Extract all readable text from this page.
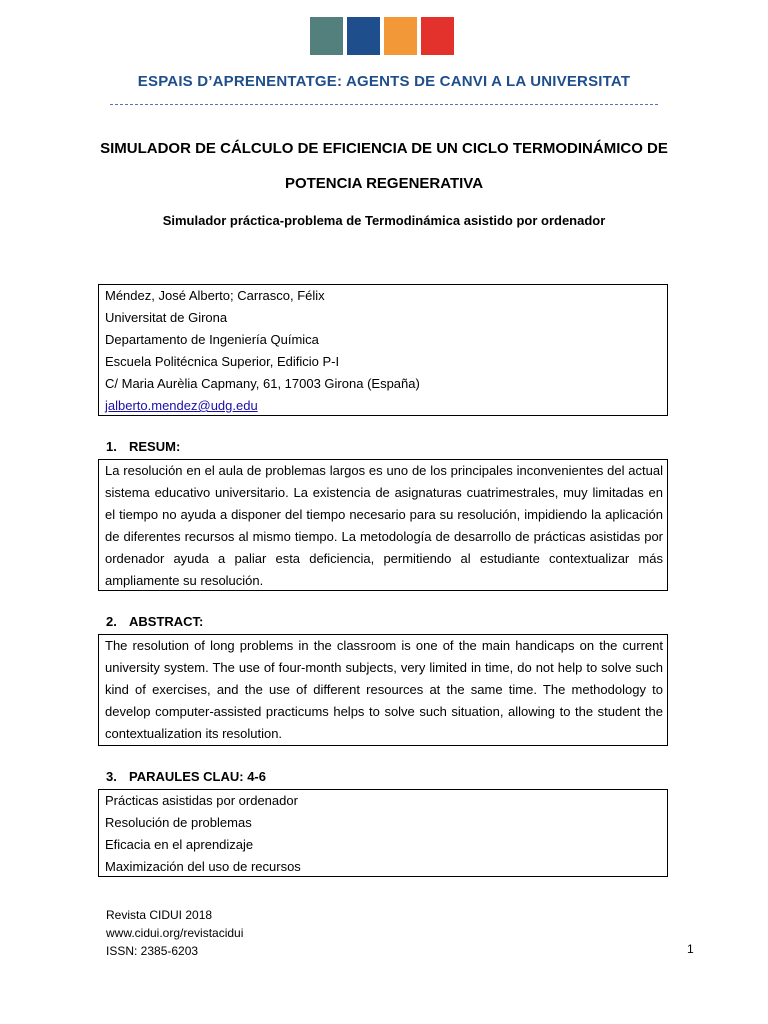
ESPAIS D’APRENENTATGE: AGENTS DE CANVI A LA UNIVERSITAT
SIMULADOR DE CÁLCULO DE EFICIENCIA DE UN CICLO TERMODINÁMICO DE
POTENCIA REGENERATIVA
Simulador práctica-problema de Termodinámica asistido por ordenador
Méndez, José Alberto; Carrasco, Félix
Universitat de Girona
Departamento de Ingeniería Química
Escuela Politécnica Superior, Edificio P-I
C/ Maria Aurèlia Capmany, 61, 17003 Girona (España)
jalberto.mendez@udg.edu
1. RESUM:
La resolución en el aula de problemas largos es uno de los principales inconvenientes del actual sistema educativo universitario. La existencia de asignaturas cuatrimestrales, muy limitadas en el tiempo no ayuda a disponer del tiempo necesario para su resolución, impidiendo la aplicación de diferentes recursos al mismo tiempo. La metodología de desarrollo de prácticas asistidas por ordenador ayuda a paliar esta deficiencia, permitiendo al estudiante contextualizar más ampliamente su resolución.
2. ABSTRACT:
The resolution of long problems in the classroom is one of the main handicaps on the current university system. The use of four-month subjects, very limited in time, do not help to solve such kind of exercises, and the use of different resources at the same time. The methodology to develop computer-assisted practicums helps to solve such situation, allowing to the student the contextualization its resolution.
3. PARAULES CLAU: 4-6
Prácticas asistidas por ordenador
Resolución de problemas
Eficacia en el aprendizaje
Maximización del uso de recursos
Revista CIDUI 2018
www.cidui.org/revistacidui
ISSN: 2385-6203	1
